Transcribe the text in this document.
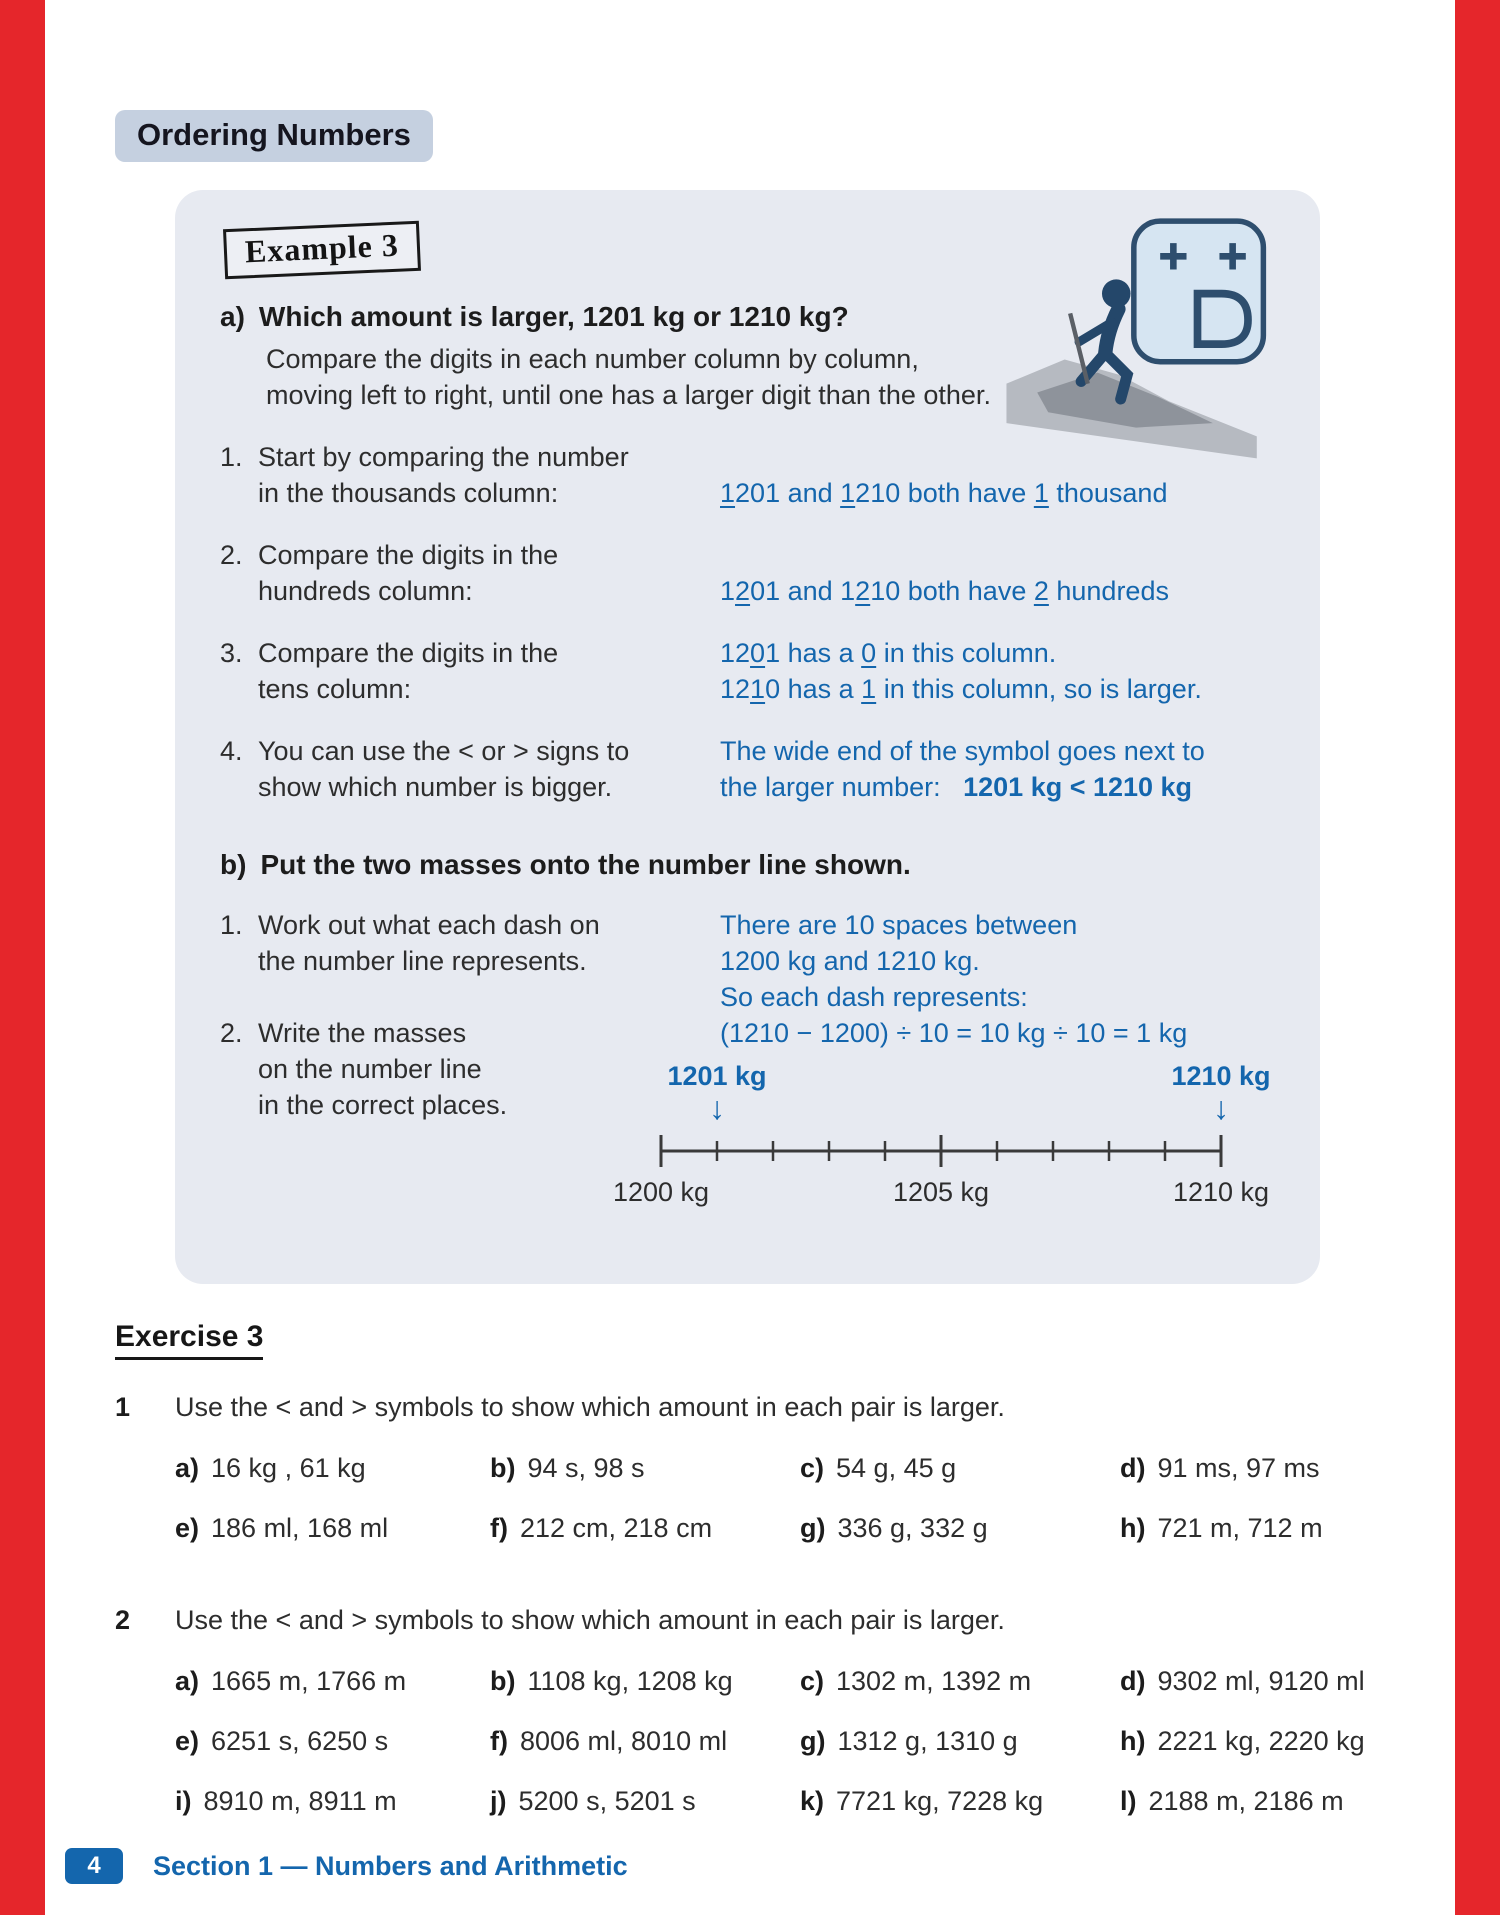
Ordering Numbers
Example 3
a) Which amount is larger, 1201 kg or 1210 kg?
Compare the digits in each number column by column,
moving left to right, until one has a larger digit than the other.
1. Start by comparing the number
in the thousands column:	1201 and 1210 both have 1 thousand
2. Compare the digits in the
hundreds column:	1201 and 1210 both have 2 hundreds
3. Compare the digits in the
tens column:
1201 has a 0 in this column.
1210 has a 1 in this column, so is larger.
4. You can use the < or > signs to
show which number is bigger.
The wide end of the symbol goes next to
the larger number:   1201 kg < 1210 kg
b) Put the two masses onto the number line shown.
1. Work out what each dash on
the number line represents.
There are 10 spaces between
1200 kg and 1210 kg.
So each dash represents:
(1210 − 1200) ÷ 10 = 10 kg ÷ 10 = 1 kg
2. Write the masses
on the number line
in the correct places.
1201 kg	1210 kg
↓	↓
1200 kg	1205 kg	1210 kg
Exercise 3
1	Use the < and > symbols to show which amount in each pair is larger.
a) 16 kg , 61 kg	b) 94 s, 98 s	c) 54 g, 45 g	d) 91 ms, 97 ms
e) 186 ml, 168 ml	f) 212 cm, 218 cm	g) 336 g, 332 g	h) 721 m, 712 m
2	Use the < and > symbols to show which amount in each pair is larger.
a) 1665 m, 1766 m	b) 1108 kg, 1208 kg	c) 1302 m, 1392 m	d) 9302 ml, 9120 ml
e) 6251 s, 6250 s	f) 8006 ml, 8010 ml	g) 1312 g, 1310 g	h) 2221 kg, 2220 kg
i) 8910 m, 8911 m	j) 5200 s, 5201 s	k) 7721 kg, 7228 kg	l) 2188 m, 2186 m
4	Section 1 — Numbers and Arithmetic
